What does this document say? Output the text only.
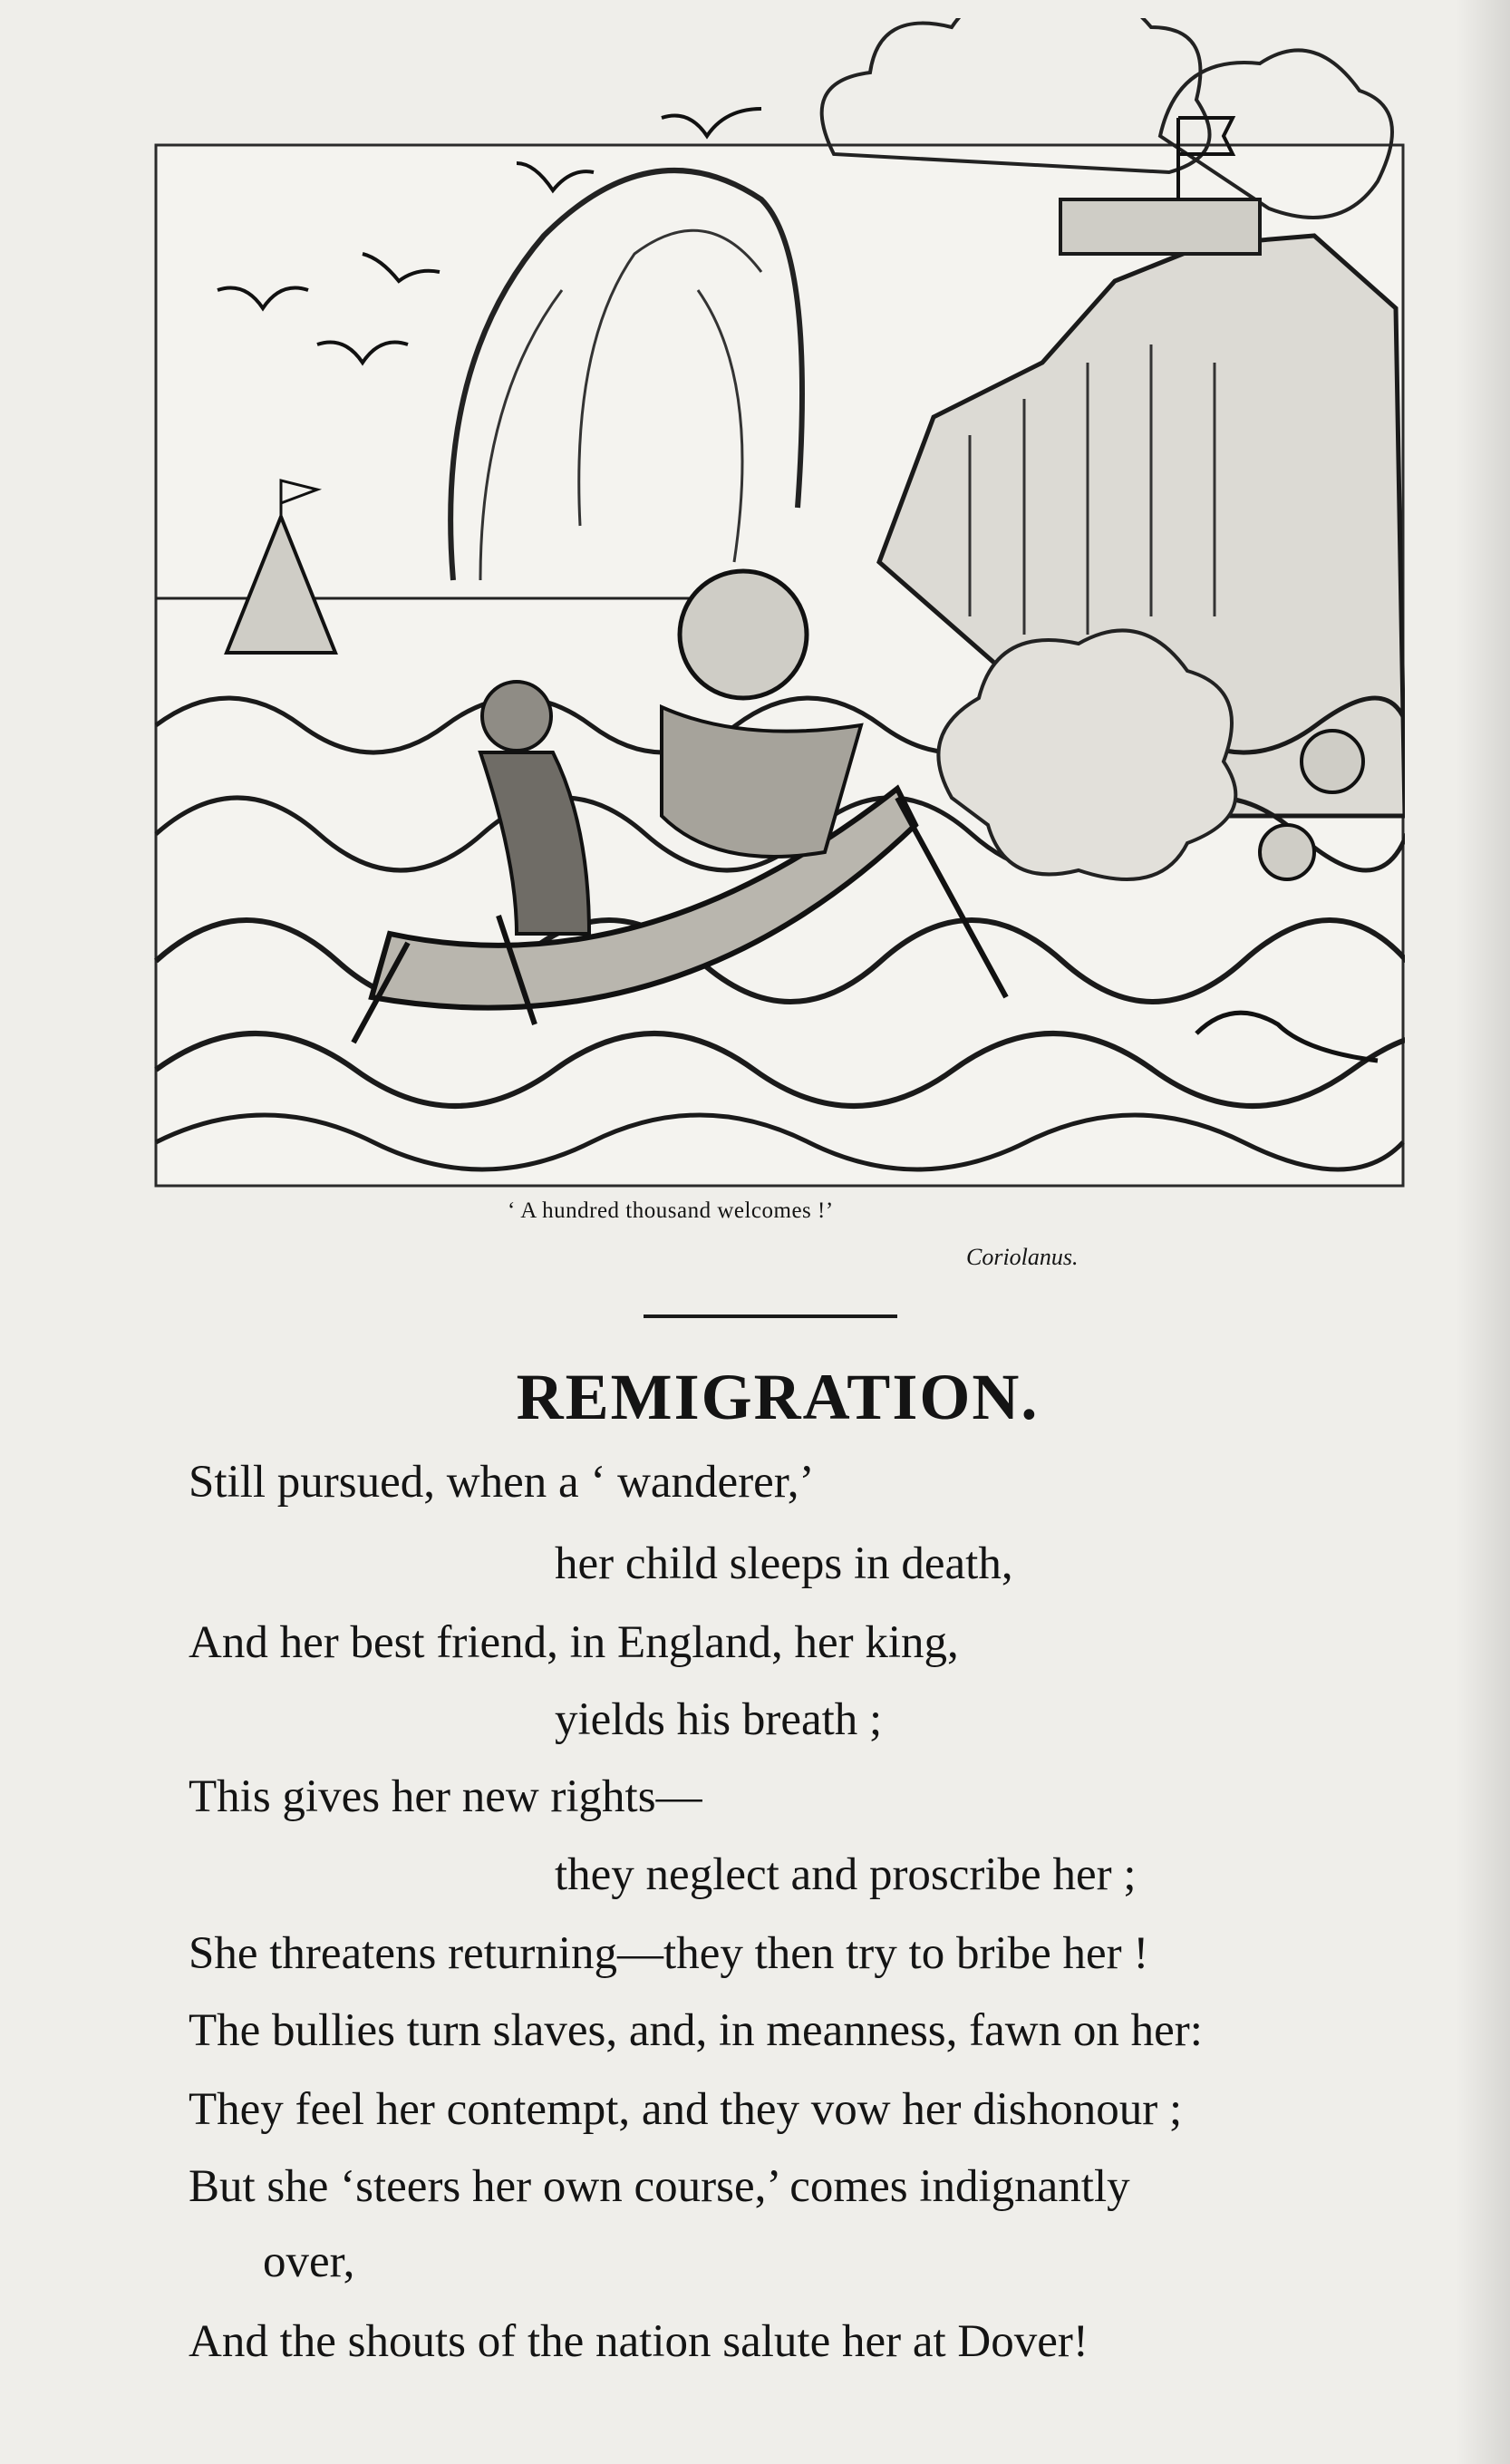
‘ A hundred thousand welcomes !’
Coriolanus.
REMIGRATION.
Still pursued, when a ‘ wanderer,’
her child sleeps in death,
And her best friend, in England, her king,
yields his breath ;
This gives her new rights—
they neglect and proscribe her ;
She threatens returning—they then try to bribe her !
The bullies turn slaves, and, in meanness, fawn on her:
They feel her contempt, and they vow her dishonour ;
But she ‘steers her own course,’ comes indignantly
over,
And the shouts of the nation salute her at Dover!
